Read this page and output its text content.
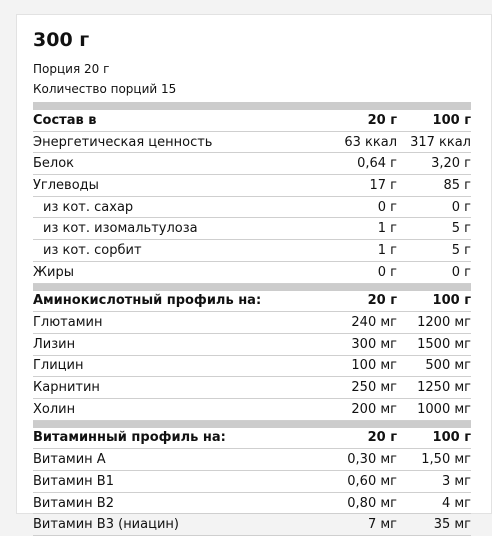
300 г
Порция 20 г
Количество порций 15
Состав в	20 г	100 г
Энергетическая ценность	63 ккал	317 ккал
Белок	0,64 г	3,20 г
Углеводы	17 г	85 г
из кот. сахар	0 г	0 г
из кот. изомальтулоза	1 г	5 г
из кот. сорбит	1 г	5 г
Жиры	0 г	0 г

Аминокислотный профиль на:	20 г	100 г
Глютамин	240 мг	1200 мг
Лизин	300 мг	1500 мг
Глицин	100 мг	500 мг
Карнитин	250 мг	1250 мг
Холин	200 мг	1000 мг

Витаминный профиль на:	20 г	100 г
Витамин A	0,30 мг	1,50 мг
Витамин B1	0,60 мг	3 мг
Витамин B2	0,80 мг	4 мг
Витамин B3 (ниацин)	7 мг	35 мг
